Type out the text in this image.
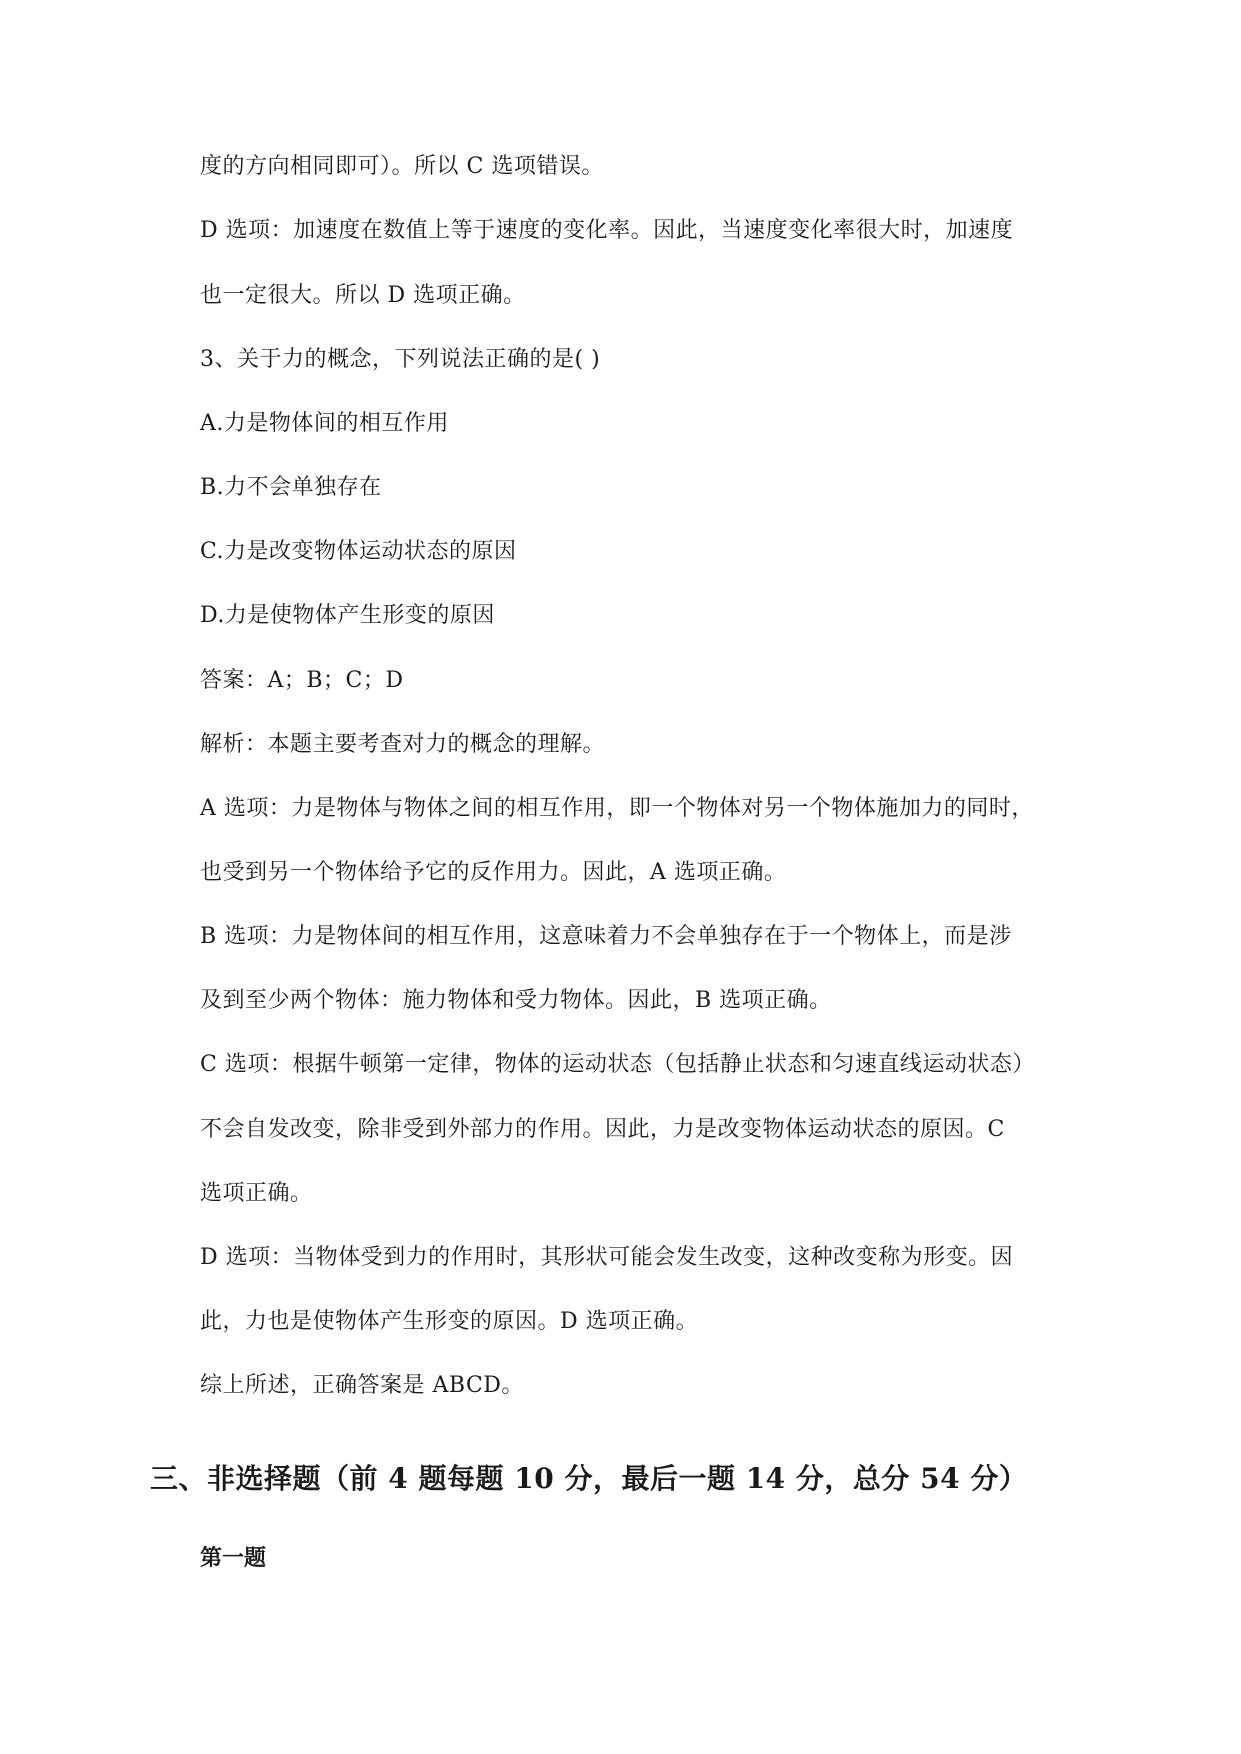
度的方向相同即可）。所以 C 选项错误。
D 选项：加速度在数值上等于速度的变化率。因此，当速度变化率很大时，加速度
也一定很大。所以 D 选项正确。
3、关于力的概念，下列说法正确的是( )
A.力是物体间的相互作用
B.力不会单独存在
C.力是改变物体运动状态的原因
D.力是使物体产生形变的原因
答案：A；B；C；D
解析：本题主要考查对力的概念的理解。
A 选项：力是物体与物体之间的相互作用，即一个物体对另一个物体施加力的同时，
也受到另一个物体给予它的反作用力。因此，A 选项正确。
B 选项：力是物体间的相互作用，这意味着力不会单独存在于一个物体上，而是涉
及到至少两个物体：施力物体和受力物体。因此，B 选项正确。
C 选项：根据牛顿第一定律，物体的运动状态（包括静止状态和匀速直线运动状态）
不会自发改变，除非受到外部力的作用。因此，力是改变物体运动状态的原因。C
选项正确。
D 选项：当物体受到力的作用时，其形状可能会发生改变，这种改变称为形变。因
此，力也是使物体产生形变的原因。D 选项正确。
综上所述，正确答案是 ABCD。
三、非选择题（前 4 题每题 10 分，最后一题 14 分，总分 54 分）
第一题
